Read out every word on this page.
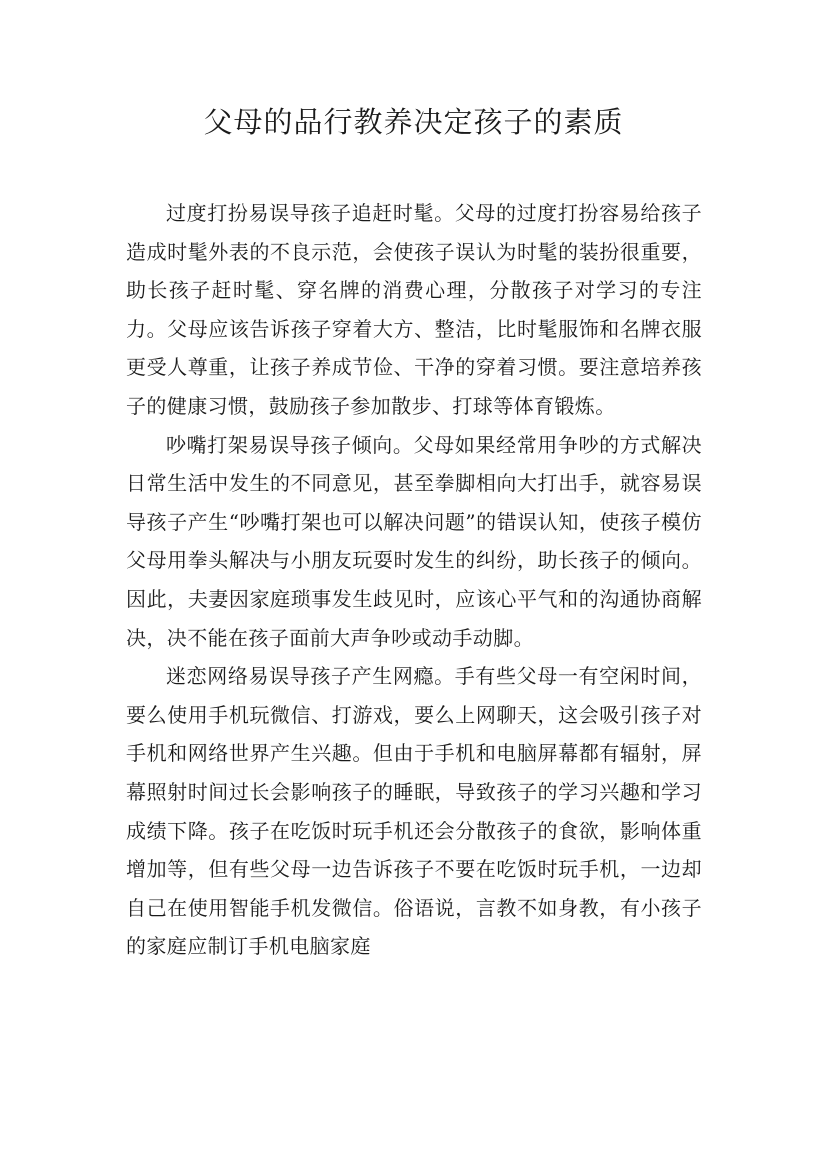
父母的品行教养决定孩子的素质

过度打扮易误导孩子追赶时髦。父母的过度打扮容易给孩子造成时髦外表的不良示范，会使孩子误认为时髦的装扮很重要，助长孩子赶时髦、穿名牌的消费心理，分散孩子对学习的专注力。父母应该告诉孩子穿着大方、整洁，比时髦服饰和名牌衣服更受人尊重，让孩子养成节俭、干净的穿着习惯。要注意培养孩子的健康习惯，鼓励孩子参加散步、打球等体育锻炼。

吵嘴打架易误导孩子倾向。父母如果经常用争吵的方式解决日常生活中发生的不同意见，甚至拳脚相向大打出手，就容易误导孩子产生“吵嘴打架也可以解决问题”的错误认知，使孩子模仿父母用拳头解决与小朋友玩耍时发生的纠纷，助长孩子的倾向。因此，夫妻因家庭琐事发生歧见时，应该心平气和的沟通协商解决，决不能在孩子面前大声争吵或动手动脚。

迷恋网络易误导孩子产生网瘾。手有些父母一有空闲时间，要么使用手机玩微信、打游戏，要么上网聊天，这会吸引孩子对手机和网络世界产生兴趣。但由于手机和电脑屏幕都有辐射，屏幕照射时间过长会影响孩子的睡眠，导致孩子的学习兴趣和学习成绩下降。孩子在吃饭时玩手机还会分散孩子的食欲，影响体重增加等，但有些父母一边告诉孩子不要在吃饭时玩手机，一边却自己在使用智能手机发微信。俗语说，言教不如身教，有小孩子的家庭应制订手机电脑家庭
